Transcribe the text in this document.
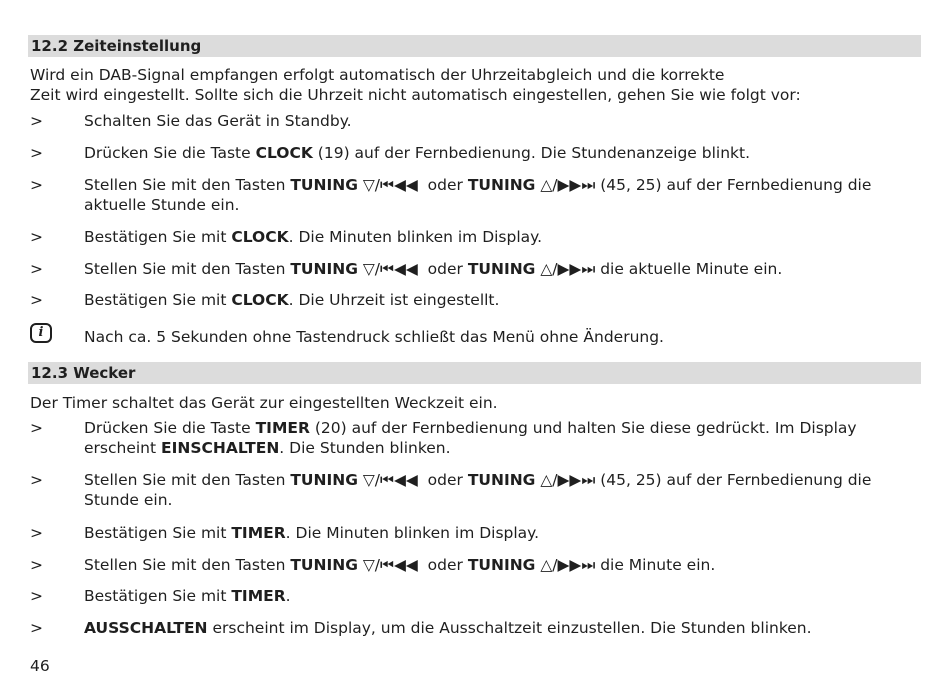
12.2 Zeiteinstellung
Wird ein DAB-Signal empfangen erfolgt automatisch der Uhrzeitabgleich und die korrekte
Zeit wird eingestellt. Sollte sich die Uhrzeit nicht automatisch eingestellen, gehen Sie wie folgt vor:
>	Schalten Sie das Gerät in Standby.
>	Drücken Sie die Taste CLOCK (19) auf der Fernbedienung. Die Stundenanzeige blinkt.
>	Stellen Sie mit den Tasten TUNING ▽/⏮◀◀  oder TUNING △/▶▶⏭ (45, 25) auf der Fernbedienung die
aktuelle Stunde ein.
>	Bestätigen Sie mit CLOCK. Die Minuten blinken im Display.
>	Stellen Sie mit den Tasten TUNING ▽/⏮◀◀  oder TUNING △/▶▶⏭ die aktuelle Minute ein.
>	Bestätigen Sie mit CLOCK. Die Uhrzeit ist eingestellt.
i	Nach ca. 5 Sekunden ohne Tastendruck schließt das Menü ohne Änderung.
12.3 Wecker
Der Timer schaltet das Gerät zur eingestellten Weckzeit ein.
>	Drücken Sie die Taste TIMER (20) auf der Fernbedienung und halten Sie diese gedrückt. Im Display
erscheint EINSCHALTEN. Die Stunden blinken.
>	Stellen Sie mit den Tasten TUNING ▽/⏮◀◀  oder TUNING △/▶▶⏭ (45, 25) auf der Fernbedienung die
Stunde ein.
>	Bestätigen Sie mit TIMER. Die Minuten blinken im Display.
>	Stellen Sie mit den Tasten TUNING ▽/⏮◀◀  oder TUNING △/▶▶⏭ die Minute ein.
>	Bestätigen Sie mit TIMER.
>	AUSSCHALTEN erscheint im Display, um die Ausschaltzeit einzustellen. Die Stunden blinken.
46
